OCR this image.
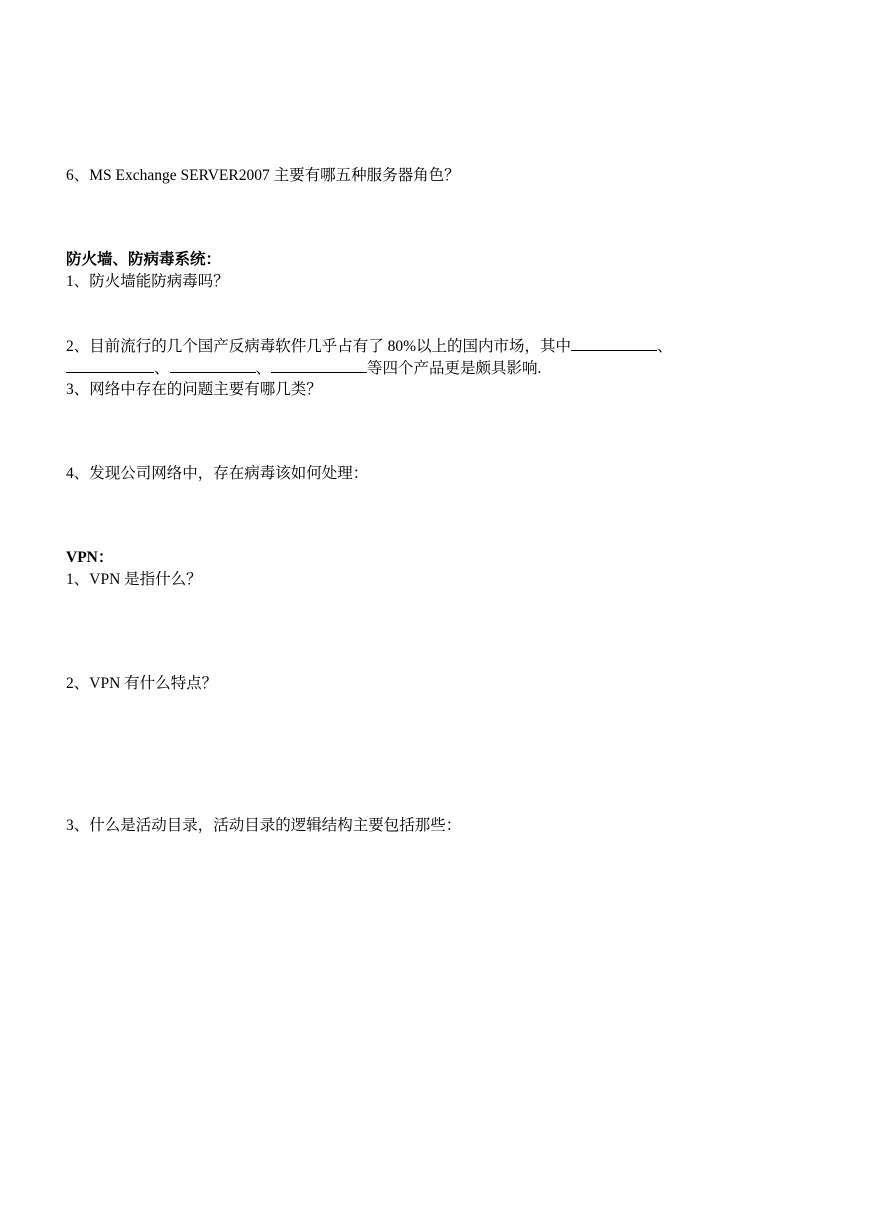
6、MS Exchange SERVER2007 主要有哪五种服务器角色？
防火墙、防病毒系统：
1、防火墙能防病毒吗？
2、目前流行的几个国产反病毒软件几乎占有了 80%以上的国内市场，其中	、
、	、	等四个产品更是颇具影响.
3、网络中存在的问题主要有哪几类？
4、发现公司网络中，存在病毒该如何处理：
VPN：
1、VPN 是指什么？
2、VPN 有什么特点？
3、什么是活动目录，活动目录的逻辑结构主要包括那些：
